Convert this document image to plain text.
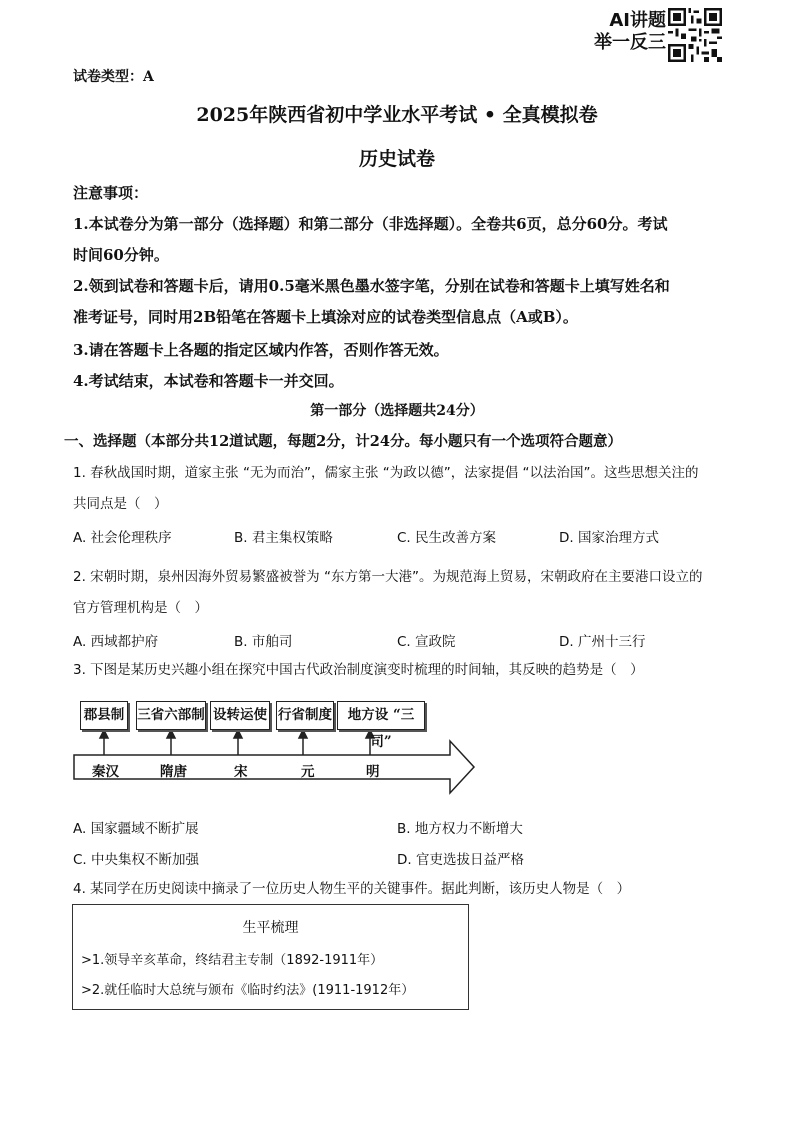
AI讲题
举一反三
试卷类型：A
2025年陕西省初中学业水平考试 • 全真模拟卷
历史试卷
注意事项：
1.本试卷分为第一部分（选择题）和第二部分（非选择题）。全卷共6页，总分60分。考试
时间60分钟。
2.领到试卷和答题卡后，请用0.5毫米黑色墨水签字笔，分别在试卷和答题卡上填写姓名和
准考证号，同时用2B铅笔在答题卡上填涂对应的试卷类型信息点（A或B）。
3.请在答题卡上各题的指定区域内作答，否则作答无效。
4.考试结束，本试卷和答题卡一并交回。
第一部分（选择题共24分）
一、选择题（本部分共12道试题，每题2分，计24分。每小题只有一个选项符合题意）
1. 春秋战国时期，道家主张 “无为而治”，儒家主张 “为政以德”，法家提倡 “以法治国”。这些思想关注的
共同点是（　）
A. 社会伦理秩序	B. 君主集权策略	C. 民生改善方案	D. 国家治理方式
2. 宋朝时期，泉州因海外贸易繁盛被誉为 “东方第一大港”。为规范海上贸易，宋朝政府在主要港口设立的
官方管理机构是（　）
A. 西域都护府	B. 市舶司	C. 宣政院	D. 广州十三行
3. 下图是某历史兴趣小组在探究中国古代政治制度演变时梳理的时间轴，其反映的趋势是（　）
郡县制 三省六部制 设转运使 行省制度	地方设 “三司”
秦汉	隋唐	宋	元	明
A. 国家疆域不断扩展	B. 地方权力不断增大
C. 中央集权不断加强	D. 官吏选拔日益严格
4. 某同学在历史阅读中摘录了一位历史人物生平的关键事件。据此判断，该历史人物是（　）
生平梳理
>1.领导辛亥革命，终结君主专制（1892-1911年）
>2.就任临时大总统与颁布《临时约法》(1911-1912年）
